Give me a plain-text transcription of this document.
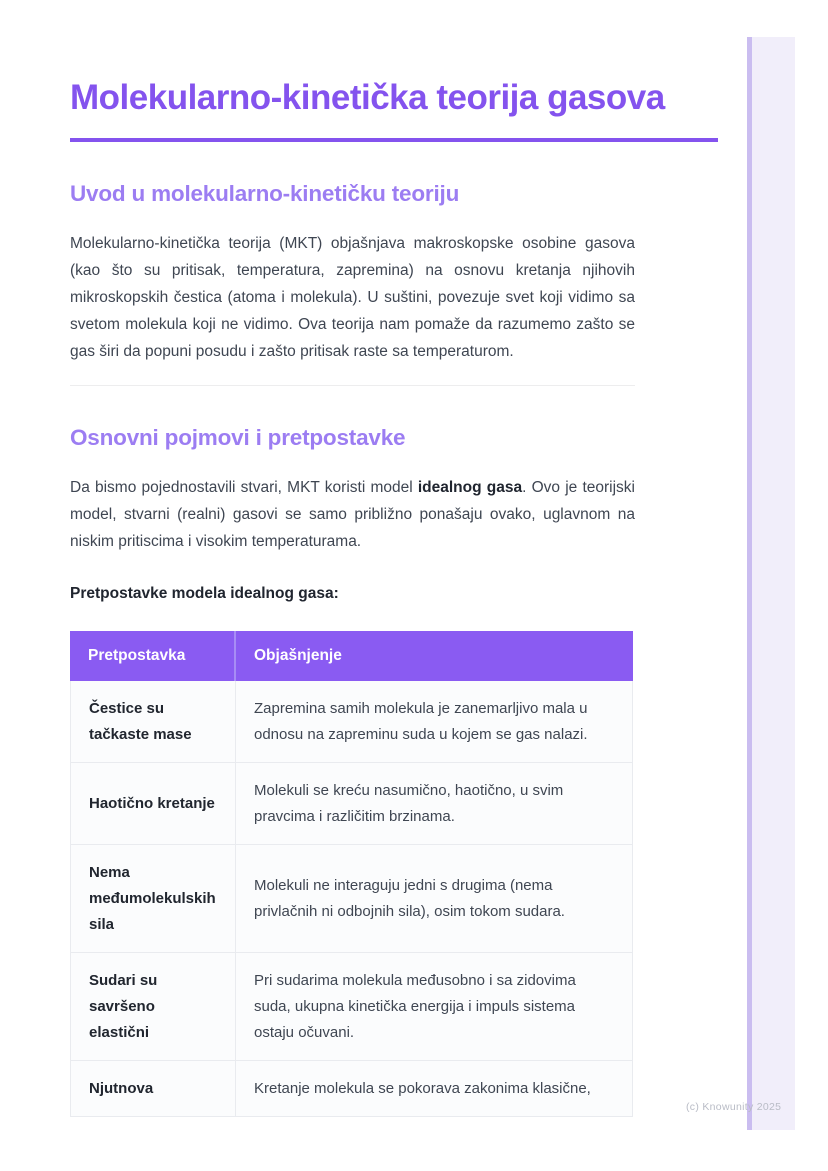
Molekularno-kinetička teorija gasova
Uvod u molekularno-kinetičku teoriju

Molekularno-kinetička teorija (MKT) objašnjava makroskopske osobine gasova (kao što su pritisak, temperatura, zapremina) na osnovu kretanja njihovih mikroskopskih čestica (atoma i molekula). U suštini, povezuje svet koji vidimo sa svetom molekula koji ne vidimo. Ova teorija nam pomaže da razumemo zašto se gas širi da popuni posudu i zašto pritisak raste sa temperaturom.

Osnovni pojmovi i pretpostavke

Da bismo pojednostavili stvari, MKT koristi model idealnog gasa. Ovo je teorijski model, stvarni (realni) gasovi se samo približno ponašaju ovako, uglavnom na niskim pritiscima i visokim temperaturama.

Pretpostavke modela idealnog gasa:

Pretpostavka	Objašnjenje
Čestice su tačkaste mase	Zapremina samih molekula je zanemarljivo mala u odnosu na zapreminu suda u kojem se gas nalazi.
Haotično kretanje	Molekuli se kreću nasumično, haotično, u svim pravcima i različitim brzinama.
Nema međumolekulskih sila	Molekuli ne interaguju jedni s drugima (nema privlačnih ni odbojnih sila), osim tokom sudara.
Sudari su savršeno elastični	Pri sudarima molekula međusobno i sa zidovima suda, ukupna kinetička energija i impuls sistema ostaju očuvani.
Njutnova	Kretanje molekula se pokorava zakonima klasične,
(c) Knowunity 2025
